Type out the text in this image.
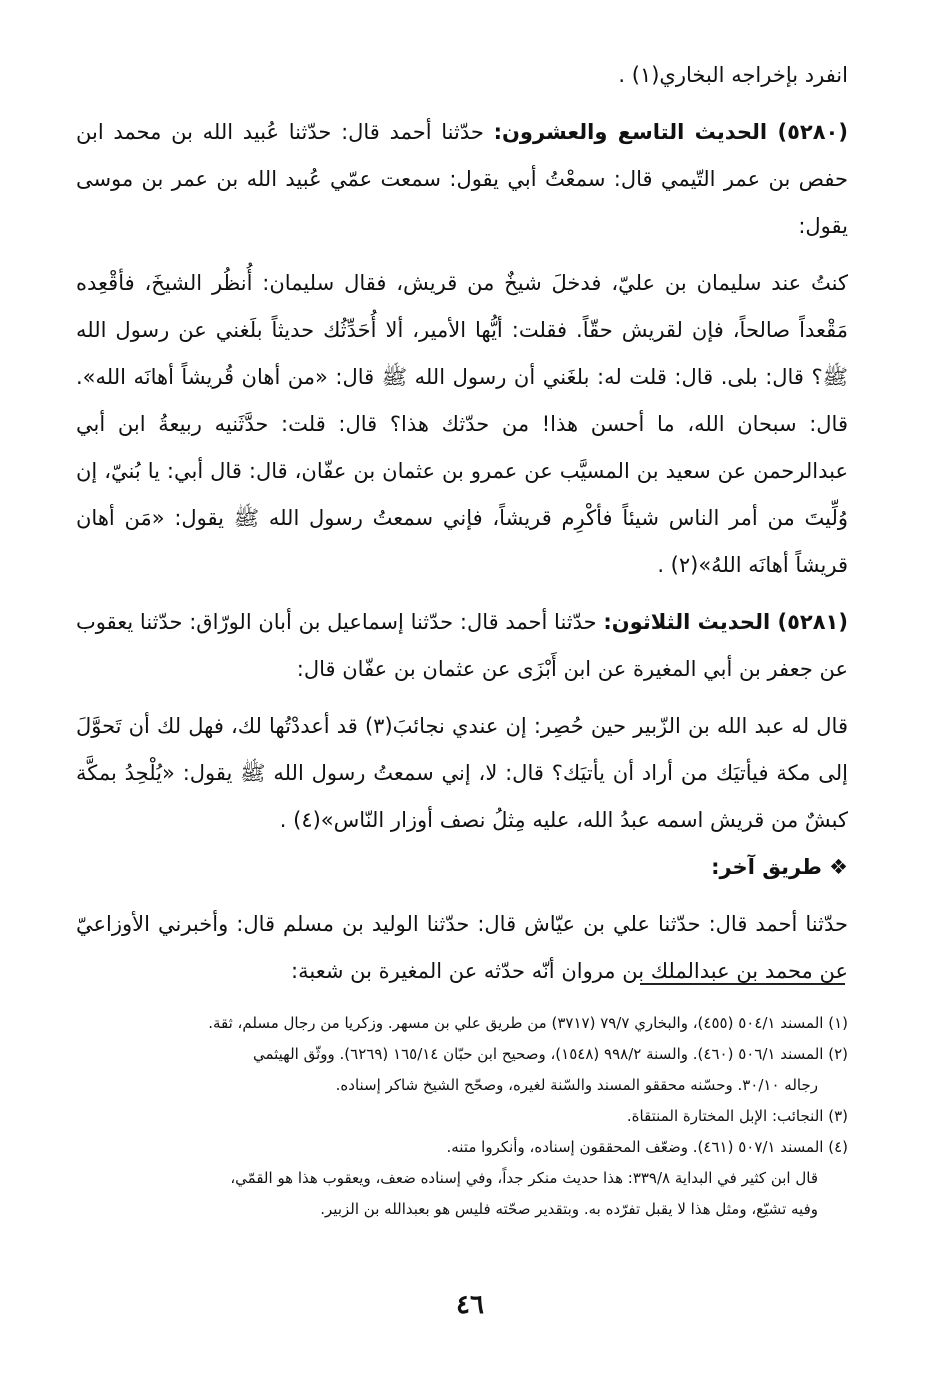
انفرد بإخراجه البخاري(١) .

(٥٢٨٠) الحديث التاسع والعشرون: حدّثنا أحمد قال: حدّثنا عُبيد الله بن محمد ابن حفص بن عمر التّيمي قال: سمعْتُ أبي يقول: سمعت عمّي عُبيد الله بن عمر بن موسى يقول:

كنتُ عند سليمان بن عليّ، فدخلَ شيخٌ من قريش، فقال سليمان: أُنظُر الشيخَ، فأقْعِده مَقْعداً صالحاً، فإن لقريش حقّاً. فقلت: أيُّها الأمير، ألا أُحَدِّثُك حديثاً بلَغني عن رسول الله ﷺ؟ قال: بلى. قال: قلت له: بلغَني أن رسول الله ﷺ قال: «من أهان قُريشاً أهانَه الله». قال: سبحان الله، ما أحسن هذا! من حدّثك هذا؟ قال: قلت: حدَّثَنيه ربيعةُ ابن أبي عبدالرحمن عن سعيد بن المسيَّب عن عمرو بن عثمان بن عفّان، قال: قال أبي: يا بُنيّ، إن وُلِّيتَ من أمر الناس شيئاً فأكْرِم قريشاً، فإني سمعتُ رسول الله ﷺ يقول: «مَن أهان قريشاً أهانَه اللهُ»(٢) .

(٥٢٨١) الحديث الثلاثون: حدّثنا أحمد قال: حدّثنا إسماعيل بن أبان الورّاق: حدّثنا يعقوب عن جعفر بن أبي المغيرة عن ابن أَبْزَى عن عثمان بن عفّان قال:

قال له عبد الله بن الزّبير حين حُصِر: إن عندي نجائبَ(٣) قد أعددْتُها لك، فهل لك أن تَحوَّلَ إلى مكة فيأتيَك من أراد أن يأتيَك؟ قال: لا، إني سمعتُ رسول الله ﷺ يقول: «يُلْحِدُ بمكَّة كبشٌ من قريش اسمه عبدُ الله، عليه مِثلُ نصف أوزار النّاس»(٤) .

❖ طريق آخر:

حدّثنا أحمد قال: حدّثنا علي بن عيّاش قال: حدّثنا الوليد بن مسلم قال: وأخبرني الأوزاعيّ عن محمد بن عبدالملك بن مروان أنّه حدّثه عن المغيرة بن شعبة:

(١) المسند ٥٠٤/١ (٤٥٥)، والبخاري ٧٩/٧ (٣٧١٧) من طريق علي بن مسهر. وزكريا من رجال مسلم، ثقة.

(٢) المسند ٥٠٦/١ (٤٦٠). والسنة ٩٩٨/٢ (١٥٤٨)، وصحيح ابن حبّان ١٦٥/١٤ (٦٢٦٩). ووثّق الهيثمي

رجاله ٣٠/١٠. وحسّنه محققو المسند والسّنة لغيره، وصحّح الشيخ شاكر إسناده.

(٣) النجائب: الإبل المختارة المنتقاة.

(٤) المسند ٥٠٧/١ (٤٦١). وضعّف المحققون إسناده، وأنكروا متنه.

قال ابن كثير في البداية ٣٣٩/٨: هذا حديث منكر جداً، وفي إسناده ضعف، ويعقوب هذا هو القمّي،

وفيه تشيّع، ومثل هذا لا يقبل تفرّده به. وبتقدير صحّته فليس هو بعبدالله بن الزبير.

٤٦
